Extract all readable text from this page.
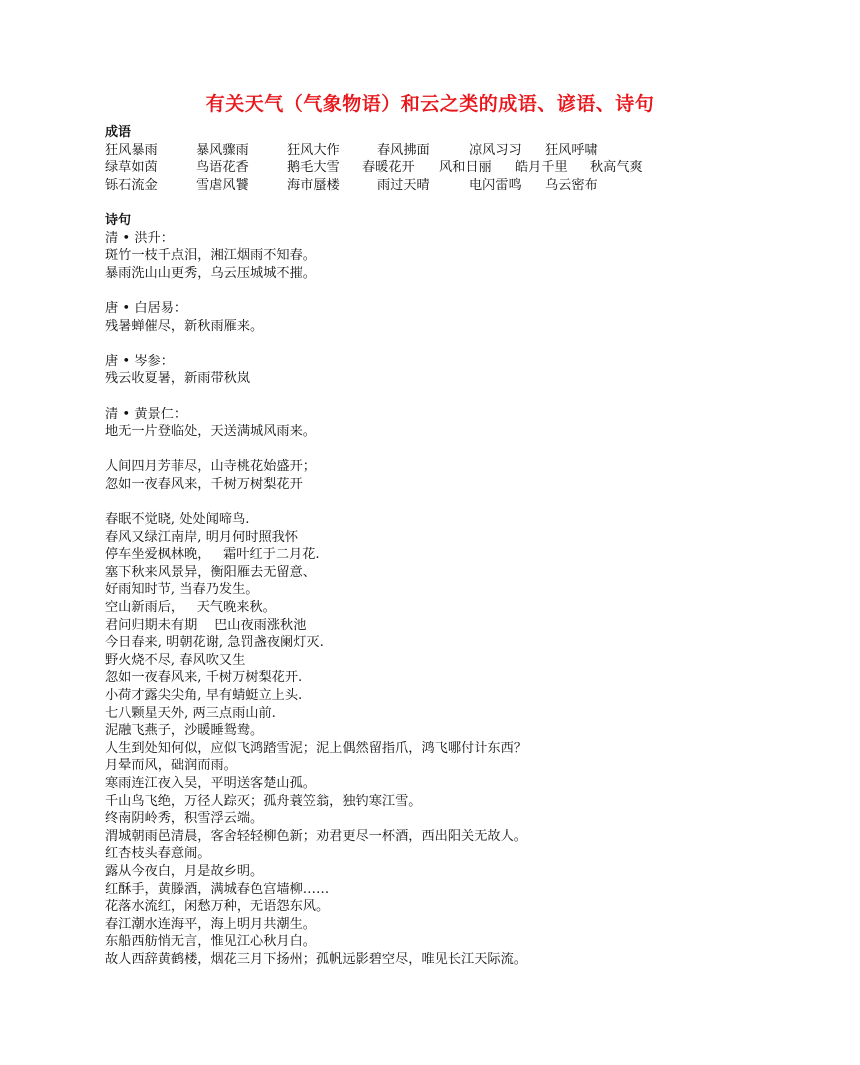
有关天气（气象物语）和云之类的成语、谚语、诗句
成语
狂风暴雨	暴风骤雨	狂风大作	春风拂面	凉风习习 狂风呼啸
绿草如茵	鸟语花香	鹅毛大雪 春暖花开 风和日丽 皓月千里 秋高气爽
铄石流金	雪虐风饕	海市蜃楼	雨过天晴	电闪雷鸣 乌云密布
诗句
清 • 洪升：
斑竹一枝千点泪，湘江烟雨不知春。
暴雨洗山山更秀，乌云压城城不摧。
唐 • 白居易：
残暑蝉催尽，新秋雨雁来。
唐 • 岑参：
残云收夏暑，新雨带秋岚
清 • 黄景仁：
地无一片登临处，天送满城风雨来。
人间四月芳菲尽，山寺桃花始盛开；
忽如一夜春风来，千树万树梨花开
春眠不觉晓, 处处闻啼鸟.
春风又绿江南岸, 明月何时照我怀
停车坐爱枫林晚，   霜叶红于二月花.
塞下秋来风景异，衡阳雁去无留意、
好雨知时节, 当春乃发生。
空山新雨后，   天气晚来秋。
君问归期未有期    巴山夜雨涨秋池
今日春来, 明朝花谢, 急罚盏夜阑灯灭.
野火烧不尽, 春风吹又生
忽如一夜春风来, 千树万树梨花开.
小荷才露尖尖角, 早有蜻蜓立上头.
七八颗星天外, 两三点雨山前.
泥融飞燕子，沙暖睡鸳鸯。
人生到处知何似，应似飞鸿踏雪泥；泥上偶然留指爪，鸿飞哪付计东西？
月晕而风，础润而雨。
寒雨连江夜入吴，平明送客楚山孤。
千山鸟飞绝，万径人踪灭；孤舟蓑笠翁，独钓寒江雪。
终南阴岭秀，积雪浮云端。
渭城朝雨邑清晨，客舍轻轻柳色新；劝君更尽一杯酒，西出阳关无故人。
红杏枝头春意闹。
露从今夜白，月是故乡明。
红酥手，黄滕酒，满城春色宫墙柳……
花落水流红，闲愁万种，无语怨东风。
春江潮水连海平，海上明月共潮生。
东船西舫悄无言，惟见江心秋月白。
故人西辞黄鹤楼，烟花三月下扬州；孤帆远影碧空尽，唯见长江天际流。
